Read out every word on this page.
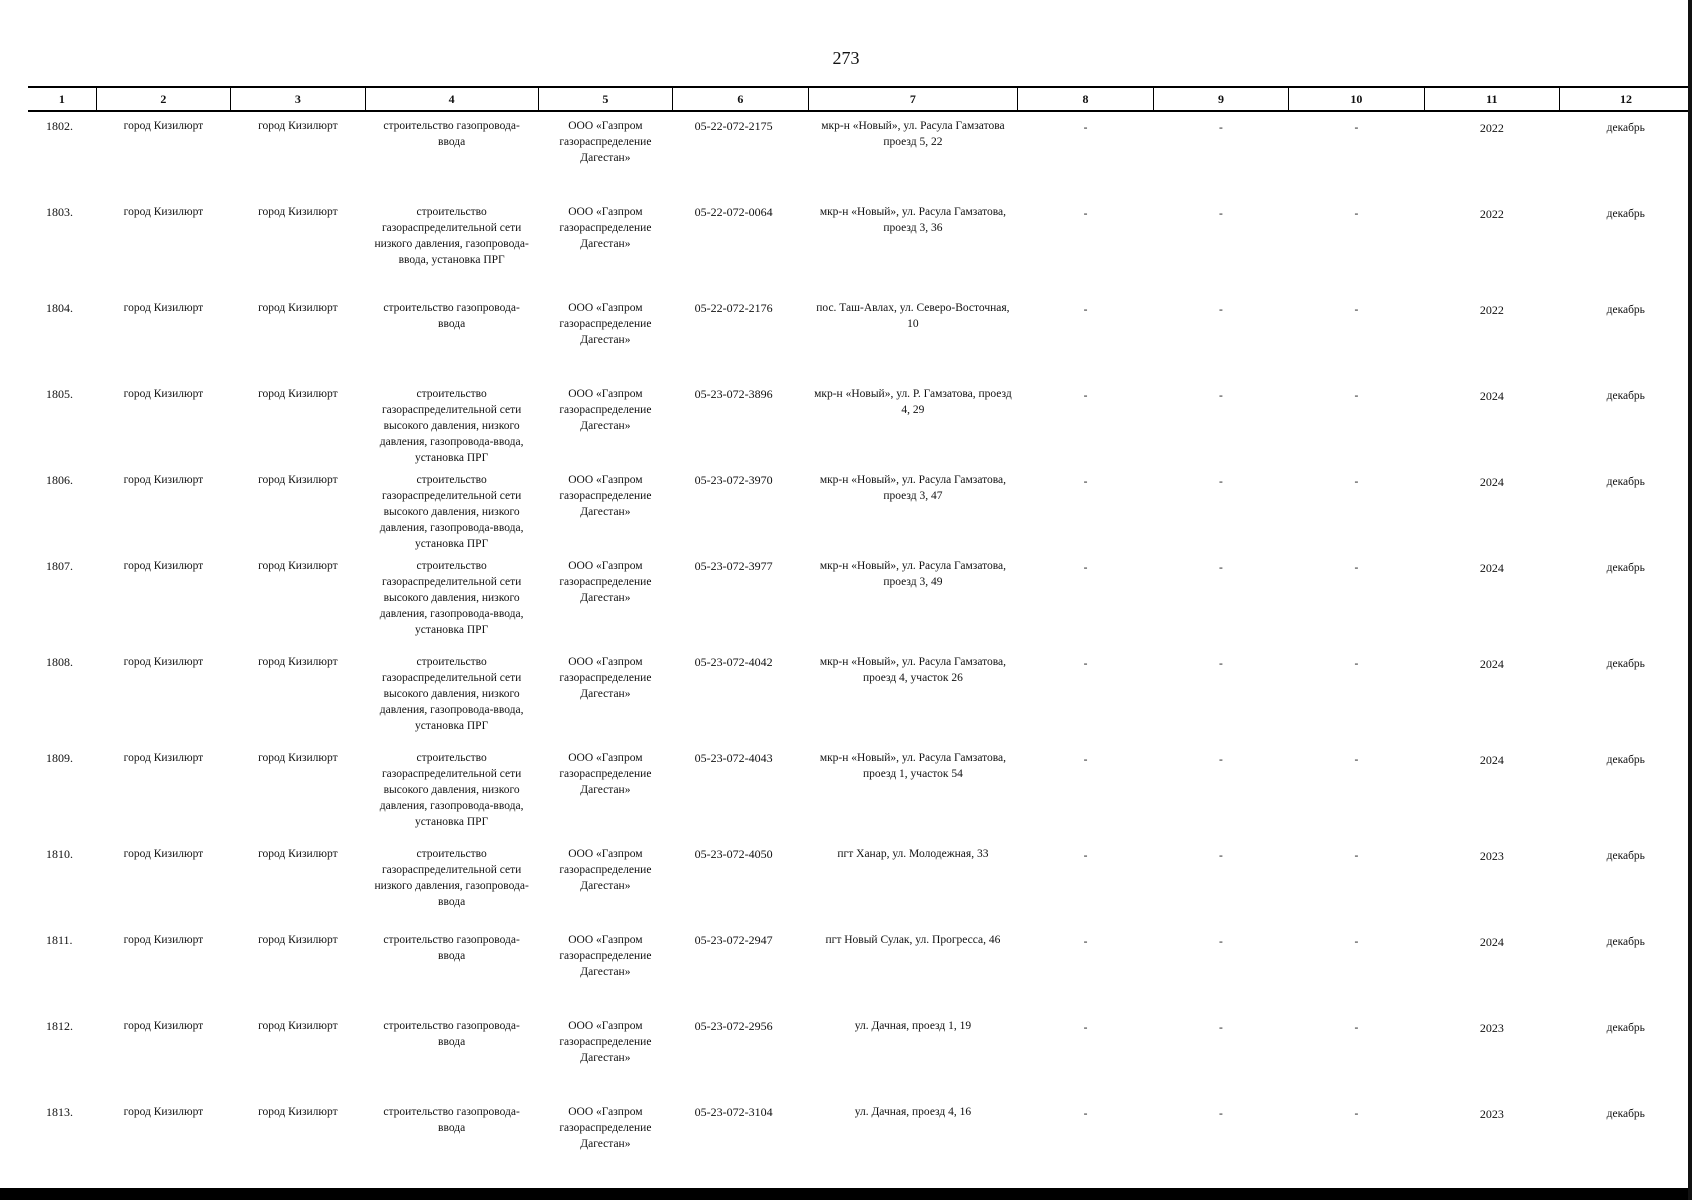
273
1	2	3	4	5	6	7	8	9	10	11	12
1802.	город Кизилюрт	город Кизилюрт	строительство газопровода-ввода	ООО «Газпром газораспределение Дагестан»	05-22-072-2175	мкр-н «Новый», ул. Расула Гамзатова проезд 5, 22	-	-	-	2022	декабрь
1803.	город Кизилюрт	город Кизилюрт	строительство газораспределительной сети низкого давления, газопровода-ввода, установка ПРГ	ООО «Газпром газораспределение Дагестан»	05-22-072-0064	мкр-н «Новый», ул. Расула Гамзатова, проезд 3, 36	-	-	-	2022	декабрь
1804.	город Кизилюрт	город Кизилюрт	строительство газопровода-ввода	ООО «Газпром газораспределение Дагестан»	05-22-072-2176	пос. Таш-Авлах, ул. Северо-Восточная, 10	-	-	-	2022	декабрь
1805.	город Кизилюрт	город Кизилюрт	строительство газораспределительной сети высокого давления, низкого давления, газопровода-ввода, установка ПРГ	ООО «Газпром газораспределение Дагестан»	05-23-072-3896	мкр-н «Новый», ул. Р. Гамзатова, проезд 4, 29	-	-	-	2024	декабрь
1806.	город Кизилюрт	город Кизилюрт	строительство газораспределительной сети высокого давления, низкого давления, газопровода-ввода, установка ПРГ	ООО «Газпром газораспределение Дагестан»	05-23-072-3970	мкр-н «Новый», ул. Расула Гамзатова, проезд 3, 47	-	-	-	2024	декабрь
1807.	город Кизилюрт	город Кизилюрт	строительство газораспределительной сети высокого давления, низкого давления, газопровода-ввода, установка ПРГ	ООО «Газпром газораспределение Дагестан»	05-23-072-3977	мкр-н «Новый», ул. Расула Гамзатова, проезд 3, 49	-	-	-	2024	декабрь
1808.	город Кизилюрт	город Кизилюрт	строительство газораспределительной сети высокого давления, низкого давления, газопровода-ввода, установка ПРГ	ООО «Газпром газораспределение Дагестан»	05-23-072-4042	мкр-н «Новый», ул. Расула Гамзатова, проезд 4, участок 26	-	-	-	2024	декабрь
1809.	город Кизилюрт	город Кизилюрт	строительство газораспределительной сети высокого давления, низкого давления, газопровода-ввода, установка ПРГ	ООО «Газпром газораспределение Дагестан»	05-23-072-4043	мкр-н «Новый», ул. Расула Гамзатова, проезд 1, участок 54	-	-	-	2024	декабрь
1810.	город Кизилюрт	город Кизилюрт	строительство газораспределительной сети низкого давления, газопровода-ввода	ООО «Газпром газораспределение Дагестан»	05-23-072-4050	пгт Ханар, ул. Молодежная, 33	-	-	-	2023	декабрь
1811.	город Кизилюрт	город Кизилюрт	строительство газопровода-ввода	ООО «Газпром газораспределение Дагестан»	05-23-072-2947	пгт Новый Сулак, ул. Прогресса, 46	-	-	-	2024	декабрь
1812.	город Кизилюрт	город Кизилюрт	строительство газопровода-ввода	ООО «Газпром газораспределение Дагестан»	05-23-072-2956	ул. Дачная, проезд 1, 19	-	-	-	2023	декабрь
1813.	город Кизилюрт	город Кизилюрт	строительство газопровода-ввода	ООО «Газпром газораспределение Дагестан»	05-23-072-3104	ул. Дачная, проезд 4, 16	-	-	-	2023	декабрь
